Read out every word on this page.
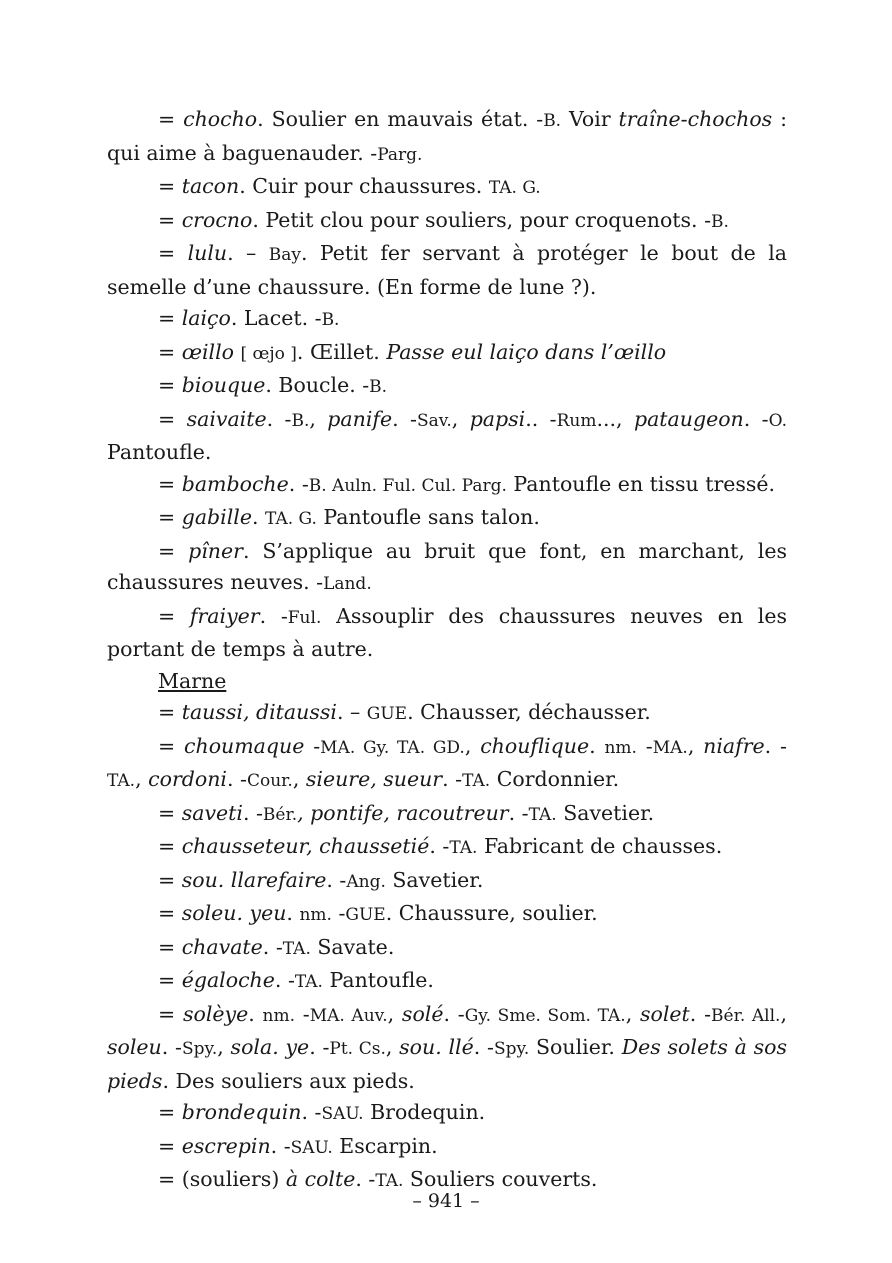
= chocho. Soulier en mauvais état. -B. Voir traîne-chochos : qui aime à baguenauder. -Parg.

= tacon. Cuir pour chaussures. TA. G.

= crocno. Petit clou pour souliers, pour croquenots. -B.

= lulu. – Bay. Petit fer servant à protéger le bout de la semelle d’une chaussure. (En forme de lune ?).

= laiço. Lacet. -B.

= œillo [ œjo ]. Œillet. Passe eul laiço dans l’œillo

= biouque. Boucle. -B.

= saivaite. -B., panife. -Sav., papsi.. -Rum..., pataugeon. -O. Pantoufle.

= bamboche. -B. Auln. Ful. Cul. Parg. Pantoufle en tissu tressé.

= gabille. TA. G. Pantoufle sans talon.

= pîner. S’applique au bruit que font, en marchant, les chaussures neuves. -Land.

= fraiyer. -Ful. Assouplir des chaussures neuves en les portant de temps à autre.

Marne

= taussi, ditaussi. – GUE. Chausser, déchausser.

= choumaque -MA. Gy. TA. GD., chouflique. nm. -MA., niafre. -TA., cordoni. -Cour., sieure, sueur. -TA. Cordonnier.

= saveti. -Bér., pontife, racoutreur. -TA. Savetier.

= chausseteur, chaussetié. -TA. Fabricant de chausses.

= sou. llarefaire. -Ang. Savetier.

= soleu. yeu. nm. -GUE. Chaussure, soulier.

= chavate. -TA. Savate.

= égaloche. -TA. Pantoufle.

= solèye. nm. -MA. Auv., solé. -Gy. Sme. Som. TA., solet. -Bér. All., soleu. -Spy., sola. ye. -Pt. Cs., sou. llé. -Spy. Soulier. Des solets à sos pieds. Des souliers aux pieds.

= brondequin. -SAU. Brodequin.

= escrepin. -SAU. Escarpin.

= (souliers) à colte. -TA. Souliers couverts.

– 941 –
